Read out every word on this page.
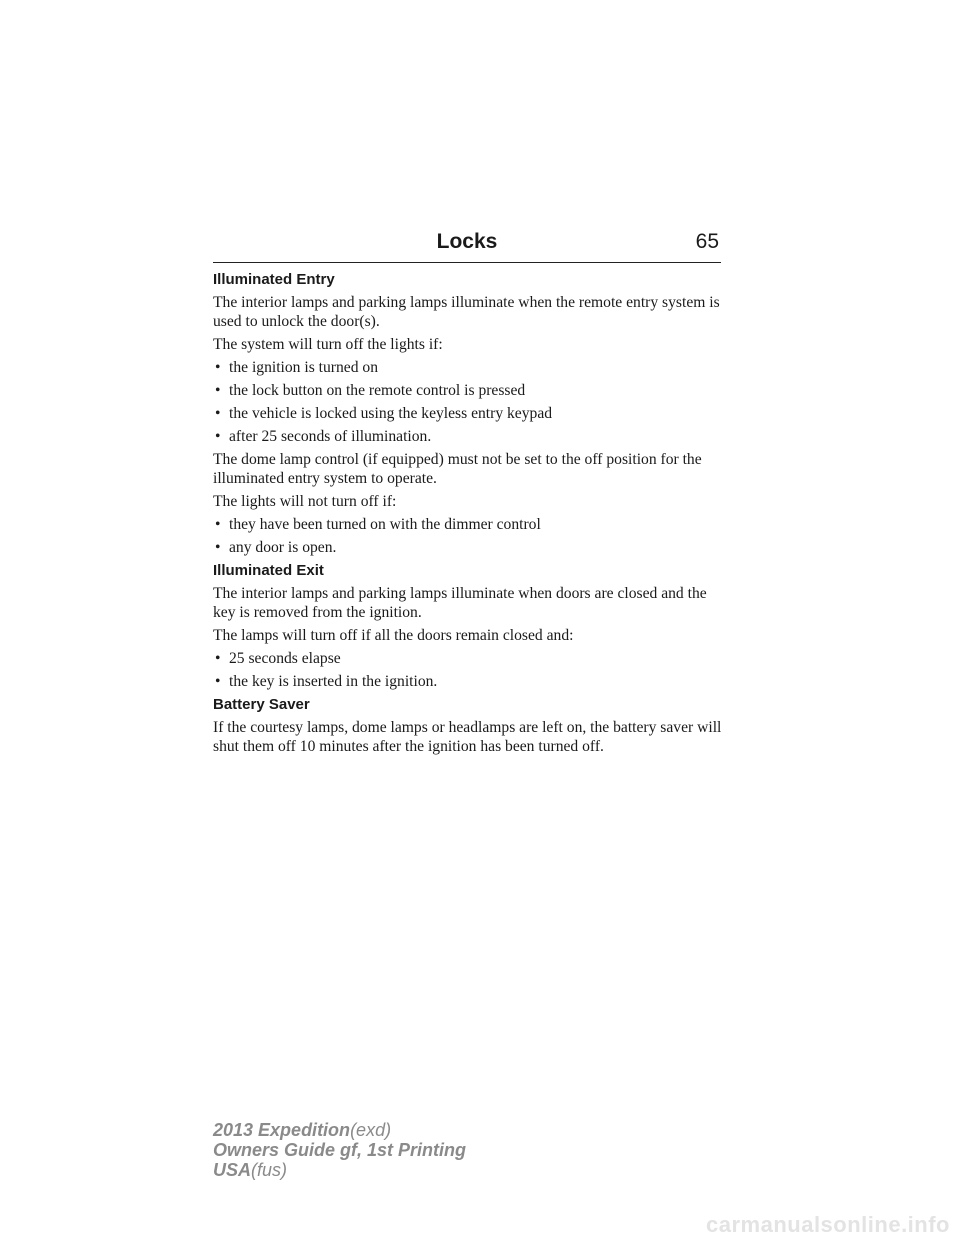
Locks	65
Illuminated Entry

The interior lamps and parking lamps illuminate when the remote entry system is used to unlock the door(s).

The system will turn off the lights if:

• the ignition is turned on
• the lock button on the remote control is pressed
• the vehicle is locked using the keyless entry keypad
• after 25 seconds of illumination.

The dome lamp control (if equipped) must not be set to the off position for the illuminated entry system to operate.

The lights will not turn off if:

• they have been turned on with the dimmer control
• any door is open.
Illuminated Exit

The interior lamps and parking lamps illuminate when doors are closed and the key is removed from the ignition.

The lamps will turn off if all the doors remain closed and:

• 25 seconds elapse
• the key is inserted in the ignition.
Battery Saver

If the courtesy lamps, dome lamps or headlamps are left on, the battery saver will shut them off 10 minutes after the ignition has been turned off.

2013 Expedition(exd)
Owners Guide gf, 1st Printing
USA(fus)
carmanualsonline.info
